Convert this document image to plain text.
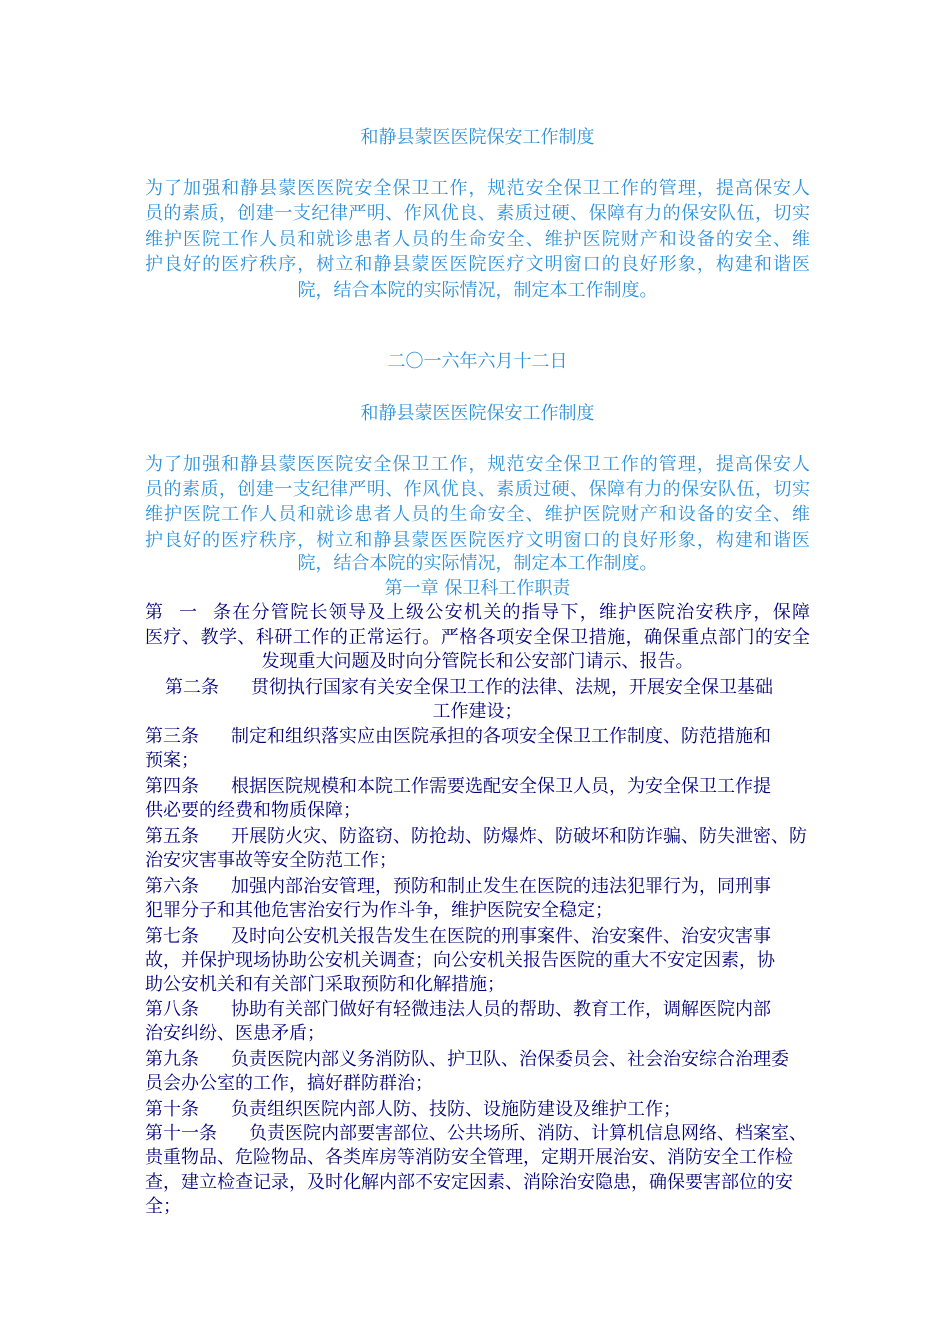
和静县蒙医医院保安工作制度
为了加强和静县蒙医医院安全保卫工作，规范安全保卫工作的管理，提高保安人
员的素质，创建一支纪律严明、作风优良、素质过硬、保障有力的保安队伍，切实
维护医院工作人员和就诊患者人员的生命安全、维护医院财产和设备的安全、维
护良好的医疗秩序，树立和静县蒙医医院医疗文明窗口的良好形象，构建和谐医
院，结合本院的实际情况，制定本工作制度。
二〇一六年六月十二日
和静县蒙医医院保安工作制度
为了加强和静县蒙医医院安全保卫工作，规范安全保卫工作的管理，提高保安人
员的素质，创建一支纪律严明、作风优良、素质过硬、保障有力的保安队伍，切实
维护医院工作人员和就诊患者人员的生命安全、维护医院财产和设备的安全、维
护良好的医疗秩序，树立和静县蒙医医院医疗文明窗口的良好形象，构建和谐医
院，结合本院的实际情况，制定本工作制度。
第一章 保卫科工作职责
第一条在分管院长领导及上级公安机关的指导下，维护医院治安秩序，保障
医疗、教学、科研工作的正常运行。严格各项安全保卫措施，确保重点部门的安全
发现重大问题及时向分管院长和公安部门请示、报告。
第二条 贯彻执行国家有关安全保卫工作的法律、法规，开展安全保卫基础
工作建设；
第三条 制定和组织落实应由医院承担的各项安全保卫工作制度、防范措施和
预案；
第四条 根据医院规模和本院工作需要选配安全保卫人员，为安全保卫工作提
供必要的经费和物质保障；
第五条 开展防火灾、防盗窃、防抢劫、防爆炸、防破坏和防诈骗、防失泄密、防
治安灾害事故等安全防范工作；
第六条 加强内部治安管理，预防和制止发生在医院的违法犯罪行为，同刑事
犯罪分子和其他危害治安行为作斗争，维护医院安全稳定；
第七条 及时向公安机关报告发生在医院的刑事案件、治安案件、治安灾害事
故，并保护现场协助公安机关调查；向公安机关报告医院的重大不安定因素，协
助公安机关和有关部门采取预防和化解措施；
第八条 协助有关部门做好有轻微违法人员的帮助、教育工作，调解医院内部
治安纠纷、医患矛盾；
第九条 负责医院内部义务消防队、护卫队、治保委员会、社会治安综合治理委
员会办公室的工作，搞好群防群治；
第十条 负责组织医院内部人防、技防、设施防建设及维护工作；
第十一条 负责医院内部要害部位、公共场所、消防、计算机信息网络、档案室、
贵重物品、危险物品、各类库房等消防安全管理，定期开展治安、消防安全工作检
查，建立检查记录，及时化解内部不安定因素、消除治安隐患，确保要害部位的安
全；
